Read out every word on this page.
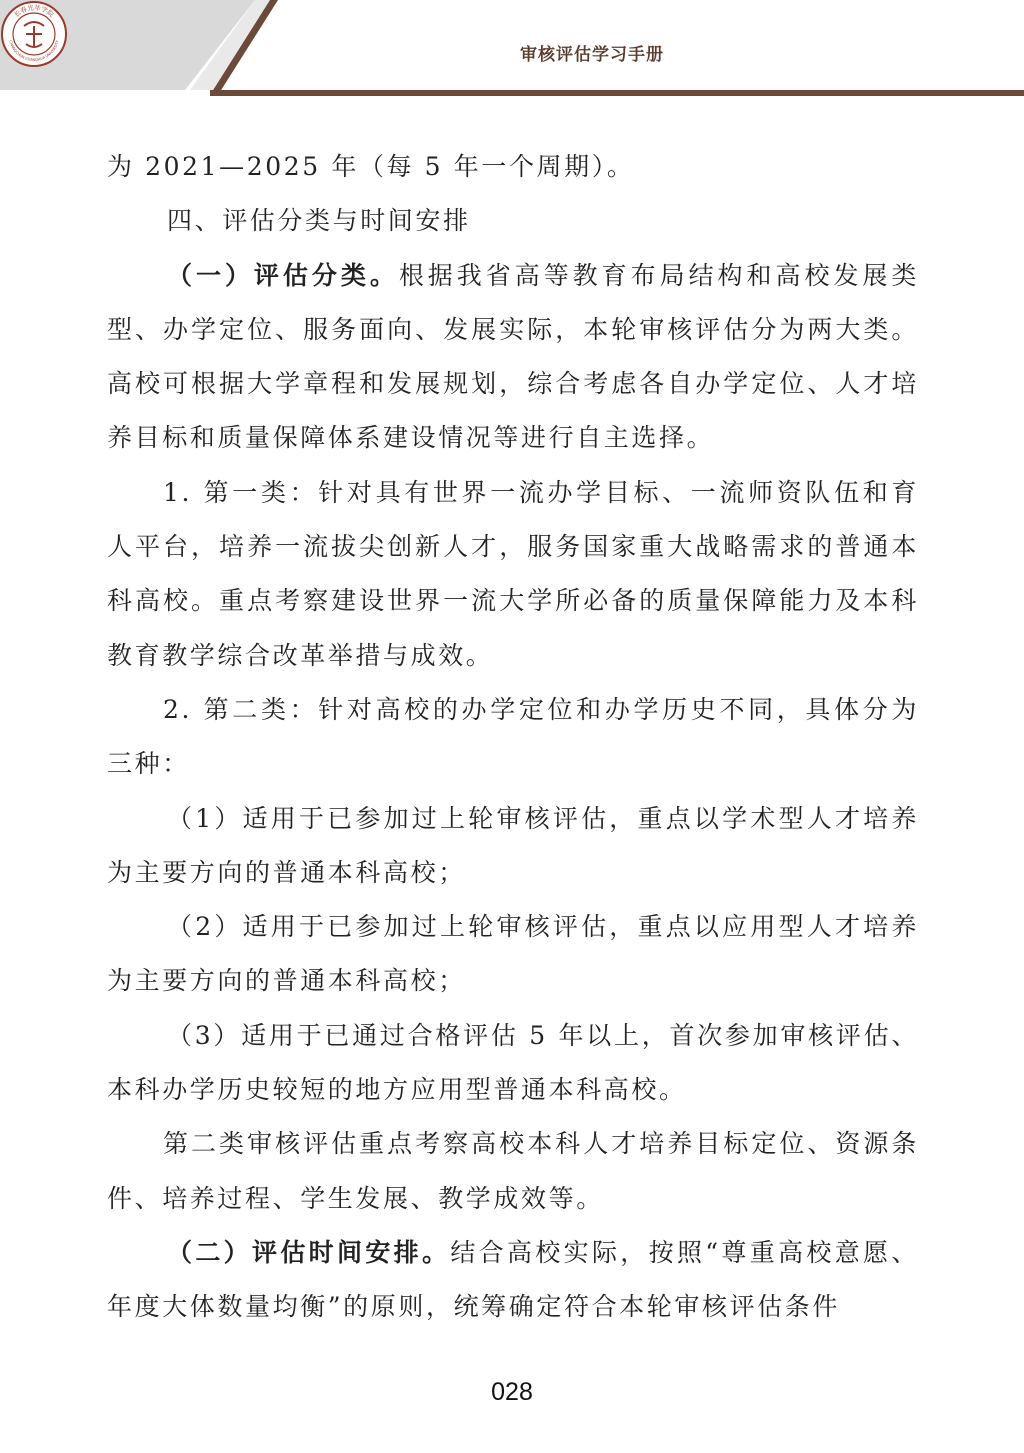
长春光华学院
CHANGCHUN GUANGHUA UNIVERSITY
审核评估学习手册

为 2021—2025 年（每 5 年一个周期）。

四、评估分类与时间安排

（一）评估分类。根据我省高等教育布局结构和高校发展类型、办学定位、服务面向、发展实际，本轮审核评估分为两大类。高校可根据大学章程和发展规划，综合考虑各自办学定位、人才培养目标和质量保障体系建设情况等进行自主选择。

1. 第一类：针对具有世界一流办学目标、一流师资队伍和育人平台，培养一流拔尖创新人才，服务国家重大战略需求的普通本科高校。重点考察建设世界一流大学所必备的质量保障能力及本科教育教学综合改革举措与成效。

2. 第二类：针对高校的办学定位和办学历史不同，具体分为三种：

（1）适用于已参加过上轮审核评估，重点以学术型人才培养为主要方向的普通本科高校；

（2）适用于已参加过上轮审核评估，重点以应用型人才培养为主要方向的普通本科高校；

（3）适用于已通过合格评估 5 年以上，首次参加审核评估、本科办学历史较短的地方应用型普通本科高校。

第二类审核评估重点考察高校本科人才培养目标定位、资源条件、培养过程、学生发展、教学成效等。

（二）评估时间安排。结合高校实际，按照“尊重高校意愿、年度大体数量均衡”的原则，统筹确定符合本轮审核评估条件

028
